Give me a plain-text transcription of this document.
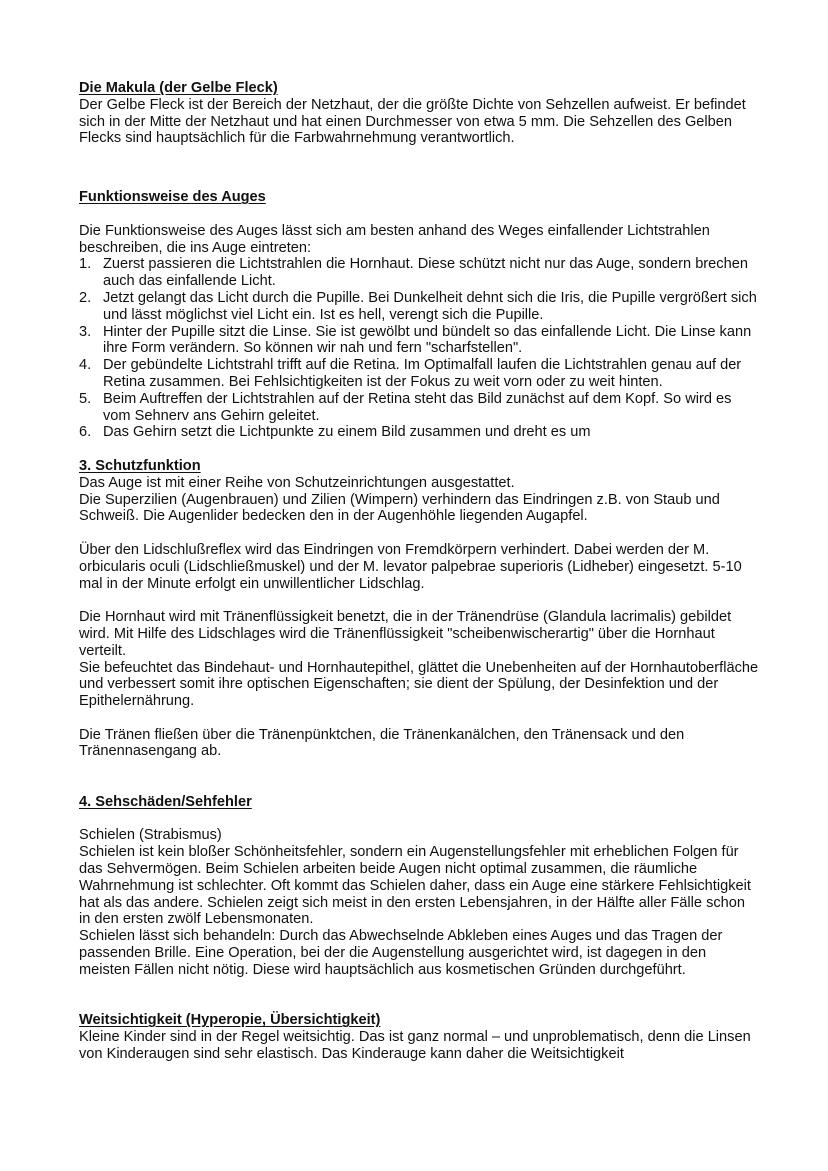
Die Makula (der Gelbe Fleck)

Der Gelbe Fleck ist der Bereich der Netzhaut, der die größte Dichte von Sehzellen aufweist. Er befindet sich in der Mitte der Netzhaut und hat einen Durchmesser von etwa 5 mm. Die Sehzellen des Gelben Flecks sind hauptsächlich für die Farbwahrnehmung verantwortlich.

Funktionsweise des Auges

Die Funktionsweise des Auges lässt sich am besten anhand des Weges einfallender Lichtstrahlen beschreiben, die ins Auge eintreten:

1. Zuerst passieren die Lichtstrahlen die Hornhaut. Diese schützt nicht nur das Auge, sondern brechen auch das einfallende Licht.
2. Jetzt gelangt das Licht durch die Pupille. Bei Dunkelheit dehnt sich die Iris, die Pupille vergrößert sich und lässt möglichst viel Licht ein. Ist es hell, verengt sich die Pupille.
3. Hinter der Pupille sitzt die Linse. Sie ist gewölbt und bündelt so das einfallende Licht. Die Linse kann ihre Form verändern. So können wir nah und fern "scharfstellen".
4. Der gebündelte Lichtstrahl trifft auf die Retina. Im Optimalfall laufen die Lichtstrahlen genau auf der Retina zusammen. Bei Fehlsichtigkeiten ist der Fokus zu weit vorn oder zu weit hinten.
5. Beim Auftreffen der Lichtstrahlen auf der Retina steht das Bild zunächst auf dem Kopf. So wird es vom Sehnerv ans Gehirn geleitet.
6. Das Gehirn setzt die Lichtpunkte zu einem Bild zusammen und dreht es um

3. Schutzfunktion

Das Auge ist mit einer Reihe von Schutzeinrichtungen ausgestattet.

Die Superzilien (Augenbrauen) und Zilien (Wimpern) verhindern das Eindringen z.B. von Staub und Schweiß. Die Augenlider bedecken den in der Augenhöhle liegenden Augapfel.

Über den Lidschlußreflex wird das Eindringen von Fremdkörpern verhindert. Dabei werden der M. orbicularis oculi (Lidschließmuskel) und der M. levator palpebrae superioris (Lidheber) eingesetzt. 5-10 mal in der Minute erfolgt ein unwillentlicher Lidschlag.

Die Hornhaut wird mit Tränenflüssigkeit benetzt, die in der Tränendrüse (Glandula lacrimalis) gebildet wird. Mit Hilfe des Lidschlages wird die Tränenflüssigkeit "scheibenwischerartig" über die Hornhaut verteilt.

Sie befeuchtet das Bindehaut- und Hornhautepithel, glättet die Unebenheiten auf der Hornhautoberfläche und verbessert somit ihre optischen Eigenschaften; sie dient der Spülung, der Desinfektion und der Epithelernährung.

Die Tränen fließen über die Tränenpünktchen, die Tränenkanälchen, den Tränensack und den Tränennasengang ab.

4. Sehschäden/Sehfehler

Schielen (Strabismus)

Schielen ist kein bloßer Schönheitsfehler, sondern ein Augenstellungsfehler mit erheblichen Folgen für das Sehvermögen. Beim Schielen arbeiten beide Augen nicht optimal zusammen, die räumliche Wahrnehmung ist schlechter. Oft kommt das Schielen daher, dass ein Auge eine stärkere Fehlsichtigkeit hat als das andere. Schielen zeigt sich meist in den ersten Lebensjahren, in der Hälfte aller Fälle schon in den ersten zwölf Lebensmonaten.

Schielen lässt sich behandeln: Durch das Abwechselnde Abkleben eines Auges und das Tragen der passenden Brille. Eine Operation, bei der die Augenstellung ausgerichtet wird, ist dagegen in den meisten Fällen nicht nötig. Diese wird hauptsächlich aus kosmetischen Gründen durchgeführt.

Weitsichtigkeit (Hyperopie, Übersichtigkeit)

Kleine Kinder sind in der Regel weitsichtig. Das ist ganz normal – und unproblematisch, denn die Linsen von Kinderaugen sind sehr elastisch. Das Kinderauge kann daher die Weitsichtigkeit
